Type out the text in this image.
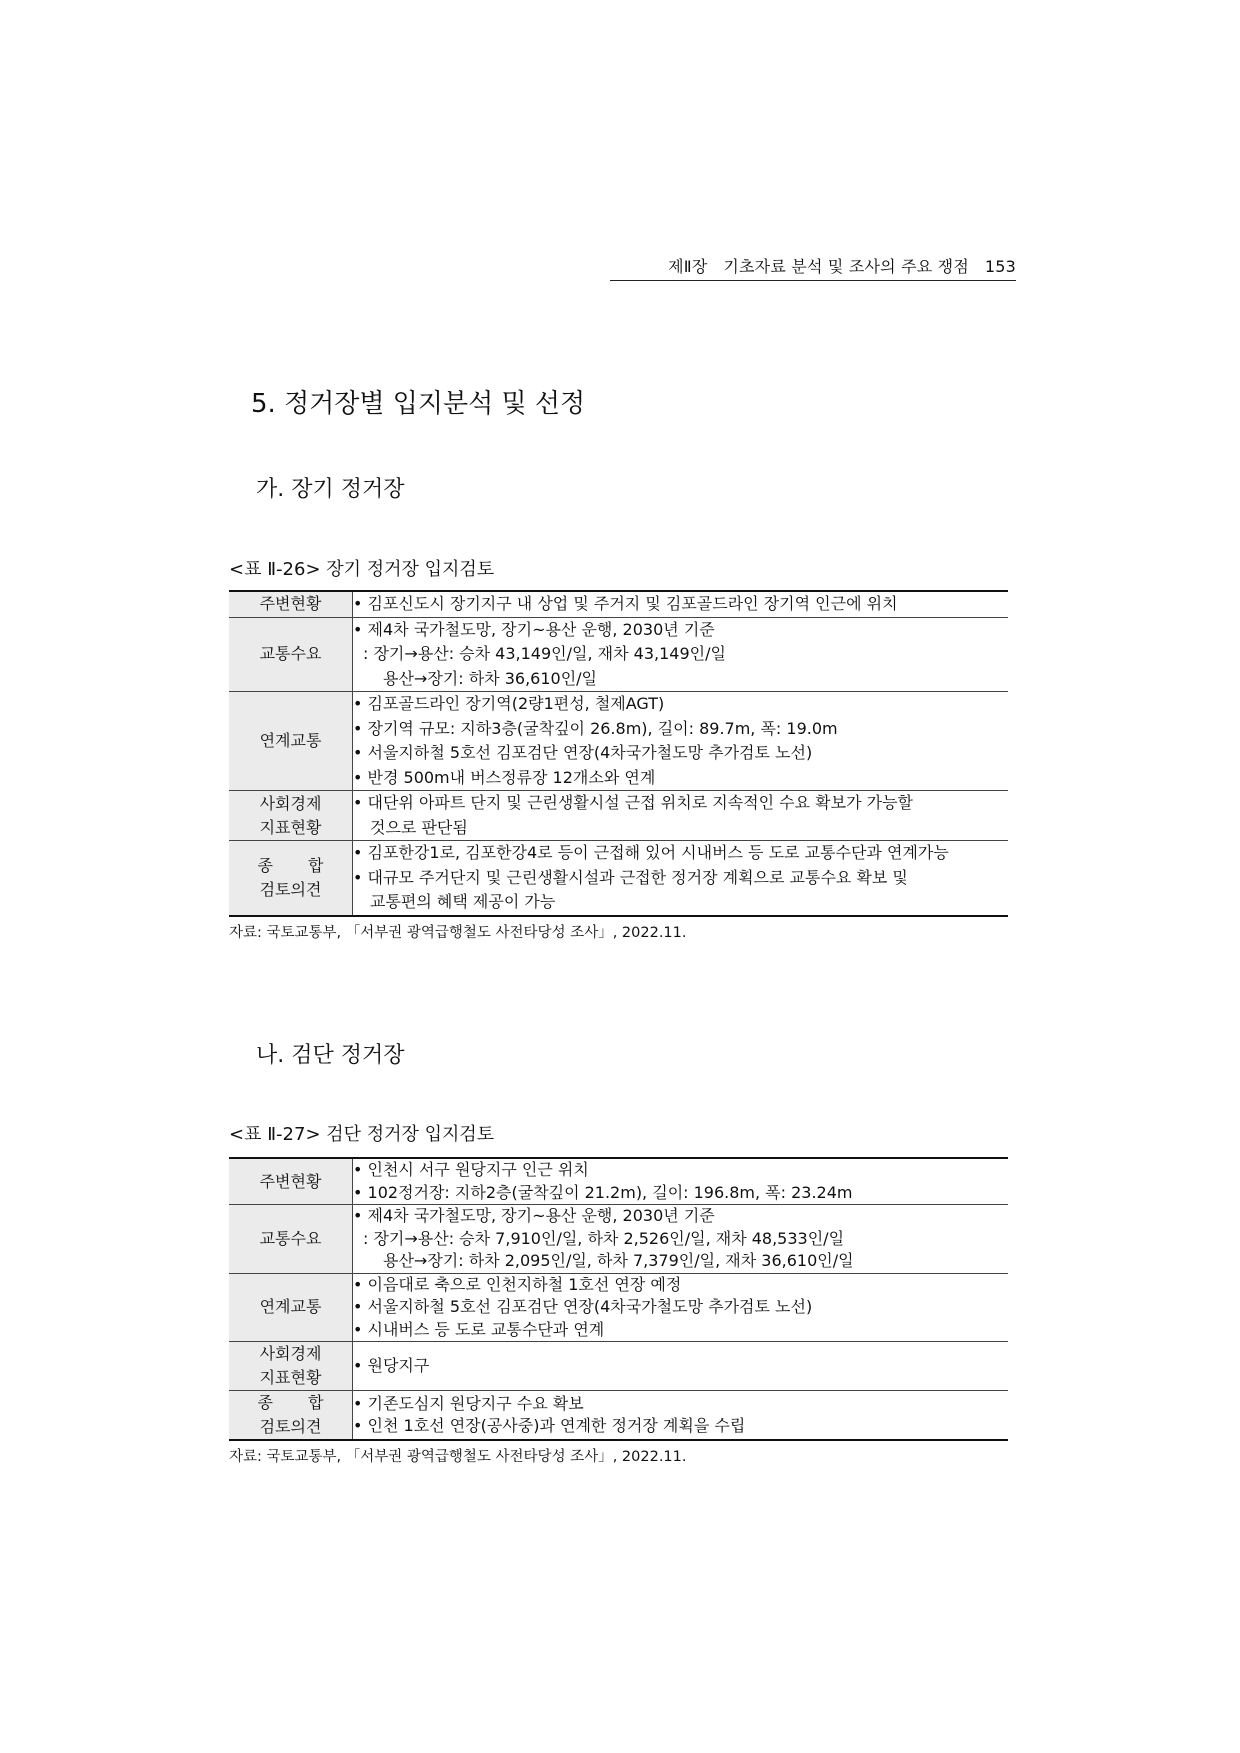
제Ⅱ장 기초자료 분석 및 조사의 주요 쟁점 153
5. 정거장별 입지분석 및 선정
가. 장기 정거장
<표 Ⅱ-26> 장기 정거장 입지검토
주변현황	• 김포신도시 장기지구 내 상업 및 주거지 및 김포골드라인 장기역 인근에 위치

교통수요	• 제4차 국가철도망, 장기~용산 운행, 2030년 기준
: 장기→용산: 승차 43,149인/일, 재차 43,149인/일
용산→장기: 하차 36,610인/일

연계교통	• 김포골드라인 장기역(2량1편성, 철제AGT)
• 장기역 규모: 지하3층(굴착깊이 26.8m), 길이: 89.7m, 폭: 19.0m
• 서울지하철 5호선 김포검단 연장(4차국가철도망 추가검토 노선)
• 반경 500m내 버스정류장 12개소와 연계

사회경제
지표현황	• 대단위 아파트 단지 및 근린생활시설 근접 위치로 지속적인 수요 확보가 가능할
것으로 판단됨

종 합
검토의견	• 김포한강1로, 김포한강4로 등이 근접해 있어 시내버스 등 도로 교통수단과 연계가능
• 대규모 주거단지 및 근린생활시설과 근접한 정거장 계획으로 교통수요 확보 및
교통편의 혜택 제공이 가능
자료: 국토교통부, 「서부권 광역급행철도 사전타당성 조사」, 2022.11.
나. 검단 정거장
<표 Ⅱ-27> 검단 정거장 입지검토
주변현황	• 인천시 서구 원당지구 인근 위치
• 102정거장: 지하2층(굴착깊이 21.2m), 길이: 196.8m, 폭: 23.24m

교통수요	• 제4차 국가철도망, 장기~용산 운행, 2030년 기준
: 장기→용산: 승차 7,910인/일, 하차 2,526인/일, 재차 48,533인/일
용산→장기: 하차 2,095인/일, 하차 7,379인/일, 재차 36,610인/일

연계교통	• 이음대로 축으로 인천지하철 1호선 연장 예정
• 서울지하철 5호선 김포검단 연장(4차국가철도망 추가검토 노선)
• 시내버스 등 도로 교통수단과 연계

사회경제
지표현황	• 원당지구

종 합
검토의견	• 기존도심지 원당지구 수요 확보
• 인천 1호선 연장(공사중)과 연계한 정거장 계획을 수립
자료: 국토교통부, 「서부권 광역급행철도 사전타당성 조사」, 2022.11.
